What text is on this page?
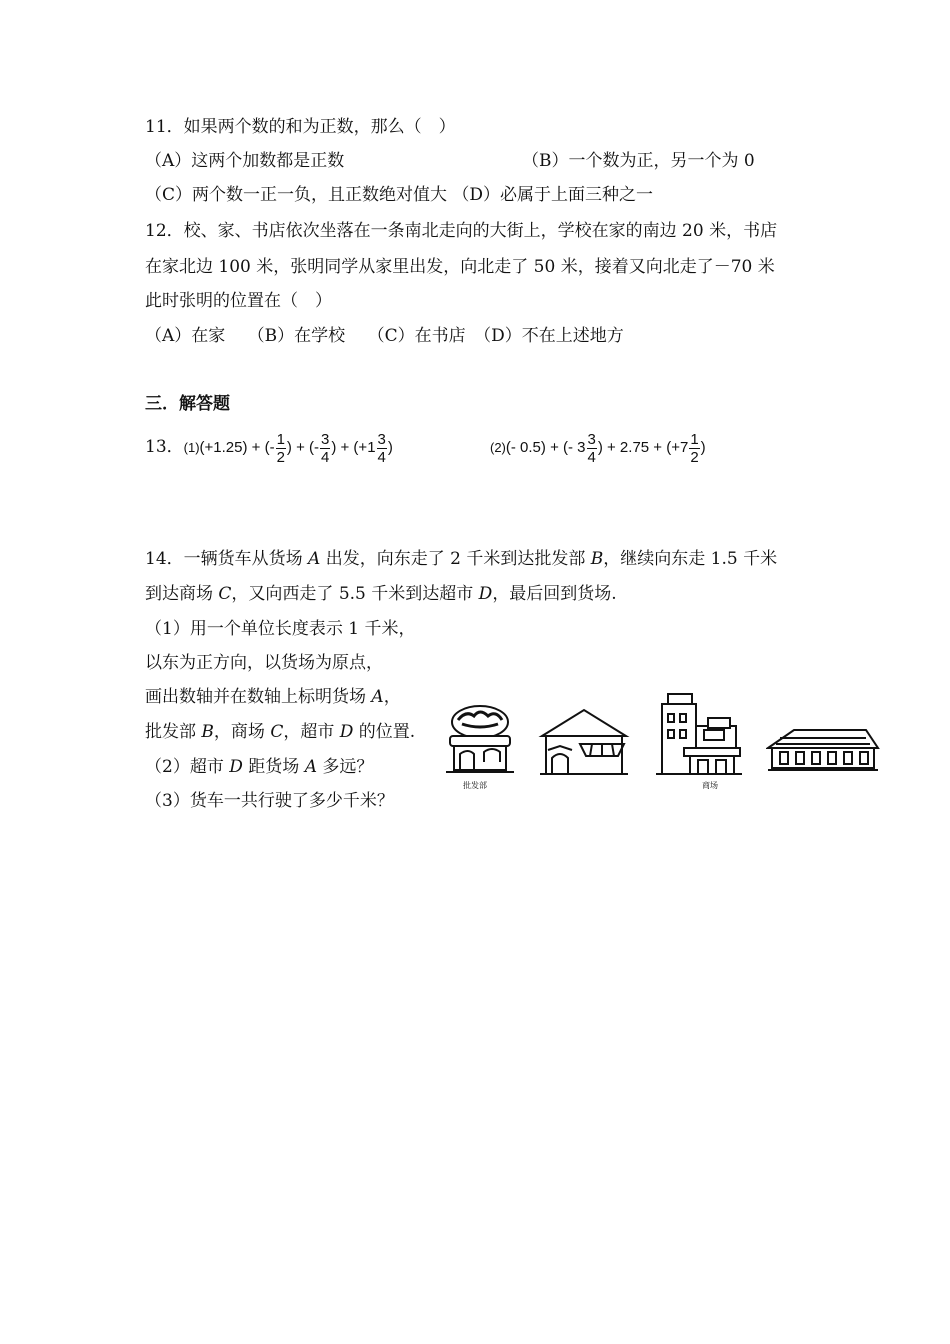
11．如果两个数的和为正数，那么（　）
（A）这两个加数都是正数	（B）一个数为正，另一个为 0
（C）两个数一正一负，且正数绝对值大 （D）必属于上面三种之一
12．校、家、书店依次坐落在一条南北走向的大街上，学校在家的南边 20 米，书店
在家北边 100 米，张明同学从家里出发，向北走了 50 米，接着又向北走了－70 米
此时张明的位置在（　）
（A）在家　 （B）在学校　 （C）在书店　（D）不在上述地方
三．解答题
13．(1)(+1.25) + (- $\frac{1}{2}$ ) + (- $\frac{3}{4}$ ) + ($+1 \frac{3}{4}$ )	(2)(- 0.5) + (- $3 \frac{3}{4}$ ) + $2.75 + (+7 \frac{1}{2}$ )
14．一辆货车从货场 A 出发，向东走了 2 千米到达批发部 B，继续向东走 1.5 千米
到达商场 C，又向西走了 5.5 千米到达超市 D，最后回到货场.
（1）用一个单位长度表示 1 千米，
以东为正方向，以货场为原点，
画出数轴并在数轴上标明货场 A，
批发部 B，商场 C，超市 D 的位置.
（2）超市 D 距货场 A 多远？
（3）货车一共行驶了多少千米？
批发部	商场
